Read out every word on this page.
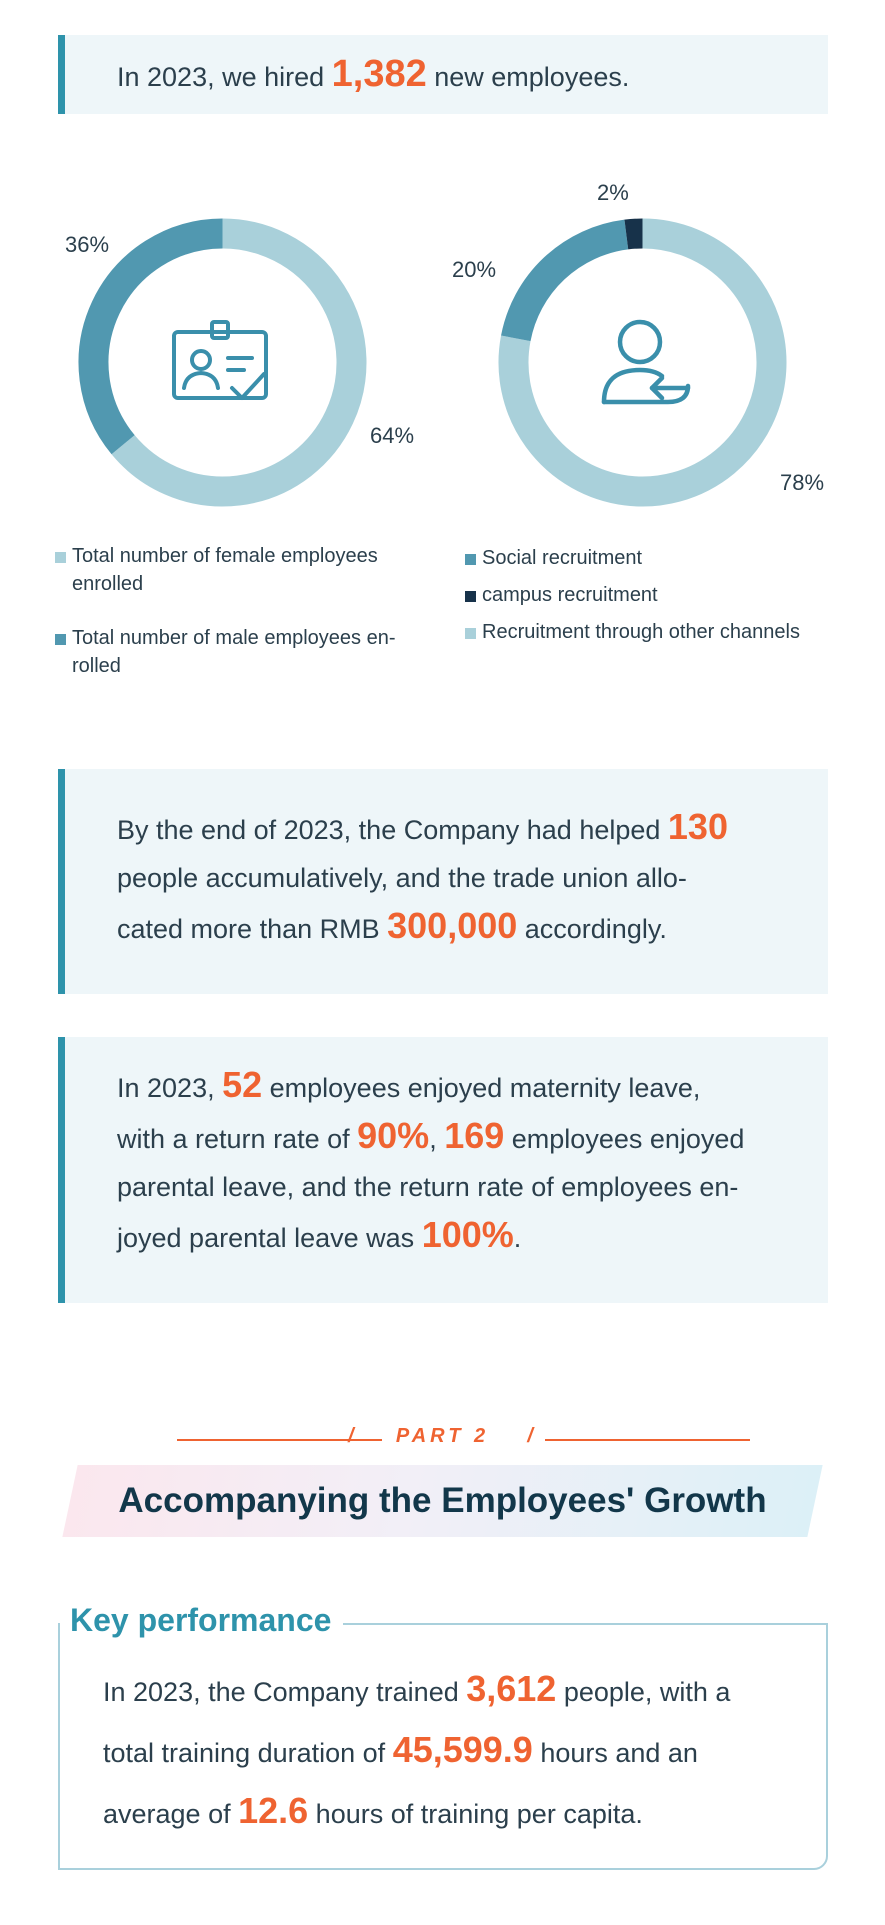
In 2023, we hired 1,382 new employees.

36%
64%
2%
20%
78%
Total number of female employees
enrolled
Total number of male employees en-
rolled
Social recruitment
campus recruitment
Recruitment through other channels

By the end of 2023, the Company had helped 130
people accumulatively, and the trade union allo-
cated more than RMB 300,000 accordingly.

In 2023, 52 employees enjoyed maternity leave,
with a return rate of 90%, 169 employees enjoyed
parental leave, and the return rate of employees en-
joyed parental leave was 100%.

/ PART 2 /
Accompanying the Employees' Growth
Key performance

In 2023, the Company trained 3,612 people, with a
total training duration of 45,599.9 hours and an
average of 12.6 hours of training per capita.
